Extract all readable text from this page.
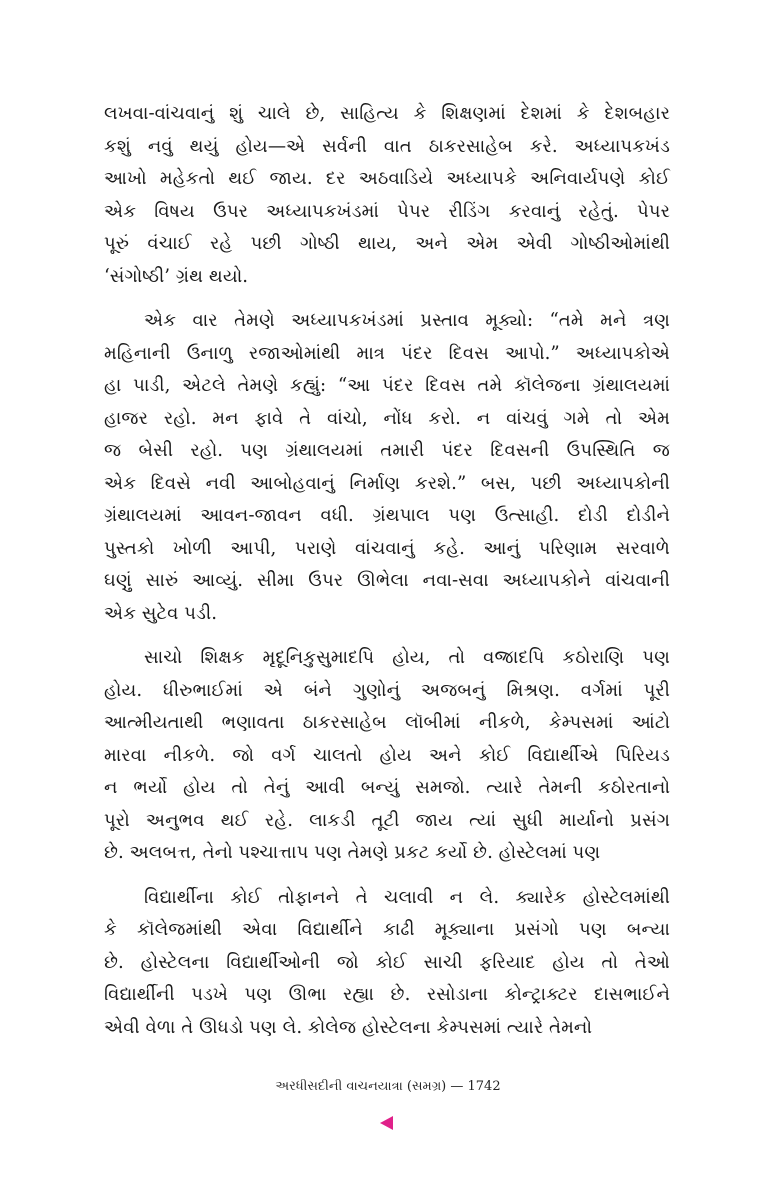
લખવા-વાંચવાનું શું ચાલે છે, સાહિત્ય કે શિક્ષણમાં દેશમાં કે દેશબહાર
કશું નવું થયું હોય—એ સર્વની વાત ઠાકરસાહેબ કરે. અધ્યાપકખંડ
આખો મહેકતો થઈ જાય. દર અઠવાડિયે અધ્યાપકે અનિવાર્યપણે કોઈ
એક વિષય ઉપર અધ્યાપકખંડમાં પેપર રીડિંગ કરવાનું રહેતું. પેપર
પૂરું વંચાઈ રહે પછી ગોષ્ઠી થાય, અને એમ એવી ગોષ્ઠીઓમાંથી
‘સંગોષ્ઠી’ ગ્રંથ થયો.

એક વાર તેમણે અધ્યાપકખંડમાં પ્રસ્તાવ મૂક્યો: “તમે મને ત્રણ
મહિનાની ઉનાળુ રજાઓમાંથી માત્ર પંદર દિવસ આપો.” અધ્યાપકોએ
હા પાડી, એટલે તેમણે કહ્યું: “આ પંદર દિવસ તમે કૉલેજના ગ્રંથાલયમાં
હાજર રહો. મન ફાવે તે વાંચો, નોંધ કરો. ન વાંચવું ગમે તો એમ
જ બેસી રહો. પણ ગ્રંથાલયમાં તમારી પંદર દિવસની ઉપસ્થિતિ જ
એક દિવસે નવી આબોહવાનું નિર્માણ કરશે.” બસ, પછી અધ્યાપકોની
ગ્રંથાલયમાં આવન-જાવન વધી. ગ્રંથપાલ પણ ઉત્સાહી. દોડી દોડીને
પુસ્તકો ખોળી આપી, પરાણે વાંચવાનું કહે. આનું પરિણામ સરવાળે
ઘણું સારું આવ્યું. સીમા ઉપર ઊભેલા નવા-સવા અધ્યાપકોને વાંચવાની
એક સુટેવ પડી.

સાચો શિક્ષક મૃદૂનિકુસુમાદપિ હોય, તો વજ્રાદપિ કઠોરાણિ પણ
હોય. ધીરુભાઈમાં એ બંને ગુણોનું અજબનું મિશ્રણ. વર્ગમાં પૂરી
આત્મીયતાથી ભણાવતા ઠાકરસાહેબ લૉબીમાં નીકળે, કેમ્પસમાં આંટો
મારવા નીકળે. જો વર્ગ ચાલતો હોય અને કોઈ વિદ્યાર્થીએ પિરિયડ
ન ભર્યો હોય તો તેનું આવી બન્યું સમજો. ત્યારે તેમની કઠોરતાનો
પૂરો અનુભવ થઈ રહે. લાકડી તૂટી જાય ત્યાં સુધી માર્યાનો પ્રસંગ
છે. અલબત્ત, તેનો પશ્ચાત્તાપ પણ તેમણે પ્રકટ કર્યો છે. હોસ્ટેલમાં પણ

વિદ્યાર્થીના કોઈ તોફાનને તે ચલાવી ન લે. ક્યારેક હોસ્ટેલમાંથી
કે કૉલેજમાંથી એવા વિદ્યાર્થીને કાઢી મૂક્યાના પ્રસંગો પણ બન્યા
છે. હોસ્ટેલના વિદ્યાર્થીઓની જો કોઈ સાચી ફરિયાદ હોય તો તેઓ
વિદ્યાર્થીની પડખે પણ ઊભા રહ્યા છે. રસોડાના કોન્ટ્રાક્ટર દાસભાઈને
એવી વેળા તે ઊધડો પણ લે. કોલેજ હોસ્ટેલના કેમ્પસમાં ત્યારે તેમનો

અરધીસદીની વાચનયાત્રા (સમગ્ર) — 1742
